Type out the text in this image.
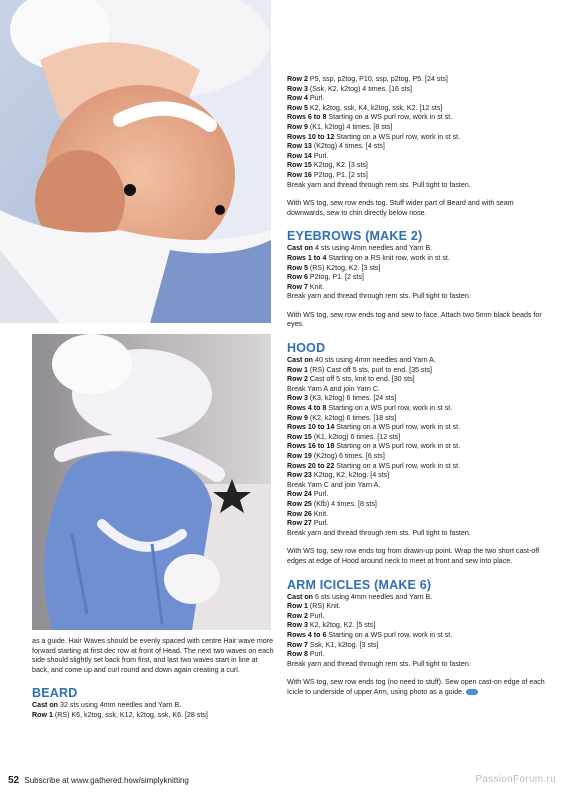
as a guide. Hair Waves should be evenly spaced with centre Hair wave more forward starting at first dec row at front of Head. The next two waves on each side should slightly set back from first, and last two waves start in line at back, and come up and curl round and down again creating a curl.

BEARD

Cast on 32 sts using 4mm needles and Yarn B.

Row 1 (RS) K6, k2tog, ssk, K12, k2tog, ssk, K6. [28 sts]

Row 2 P5, ssp, p2tog, P10, ssp, p2tog, P5. [24 sts]

Row 3 (Ssk, K2, k2tog) 4 times. [16 sts]

Row 4 Purl.

Row 5 K2, k2tog, ssk, K4, k2tog, ssk, K2. [12 sts]

Rows 6 to 8 Starting on a WS purl row, work in st st.

Row 9 (K1, k2tog) 4 times. [8 sts]

Rows 10 to 12 Starting on a WS purl row, work in st st.

Row 13 (K2tog) 4 times. [4 sts]

Row 14 Purl.

Row 15 K2tog, K2. [3 sts]

Row 16 P2tog, P1. [2 sts]

Break yarn and thread through rem sts. Pull tight to fasten.

With WS tog, sew row ends tog. Stuff wider part of Beard and with seam downwards, sew to chin directly below nose.

EYEBROWS (MAKE 2)

Cast on 4 sts using 4mm needles and Yarn B.

Rows 1 to 4 Starting on a RS knit row, work in st st.

Row 5 (RS) K2tog, K2. [3 sts]

Row 6 P2tog, P1. [2 sts]

Row 7 Knit.

Break yarn and thread through rem sts. Pull tight to fasten.

With WS tog, sew row ends tog and sew to face. Attach two 5mm black beads for eyes.

HOOD

Cast on 40 sts using 4mm needles and Yarn A.

Row 1 (RS) Cast off 5 sts, purl to end. [35 sts]

Row 2 Cast off 5 sts, knit to end. [30 sts]

Break Yarn A and join Yarn C.

Row 3 (K3, k2tog) 6 times. [24 sts]

Rows 4 to 8 Starting on a WS purl row, work in st st.

Row 9 (K2, k2tog) 6 times. [18 sts]

Rows 10 to 14 Starting on a WS purl row, work in st st.

Row 15 (K1, k2tog) 6 times. [12 sts]

Rows 16 to 18 Starting on a WS purl row, work in st st.

Row 19 (K2tog) 6 times. [6 sts]

Rows 20 to 22 Starting on a WS purl row, work in st st.

Row 23 K2tog, K2, k2tog. [4 sts]

Break Yarn C and join Yarn A.

Row 24 Purl.

Row 25 (Kfb) 4 times. [8 sts]

Row 26 Knit.

Row 27 Purl.

Break yarn and thread through rem sts. Pull tight to fasten.

With WS tog, sew row ends tog from drawn-up point. Wrap the two short cast-off edges at edge of Hood around neck to meet at front and sew into place.

ARM ICICLES (MAKE 6)

Cast on 6 sts using 4mm needles and Yarn B.

Row 1 (RS) Knit.

Row 2 Purl.

Row 3 K2, k2tog, K2. [5 sts]

Rows 4 to 6 Starting on a WS purl row, work in st st.

Row 7 Ssk, K1, k2tog. [3 sts]

Row 8 Purl.

Break yarn and thread through rem sts. Pull tight to fasten.

With WS tog, sew row ends tog (no need to stuff). Sew open cast-on edge of each Icicle to underside of upper Arm, using photo as a guide.

52 Subscribe at www.gathered.how/simplyknitting	PassionForum.ru
